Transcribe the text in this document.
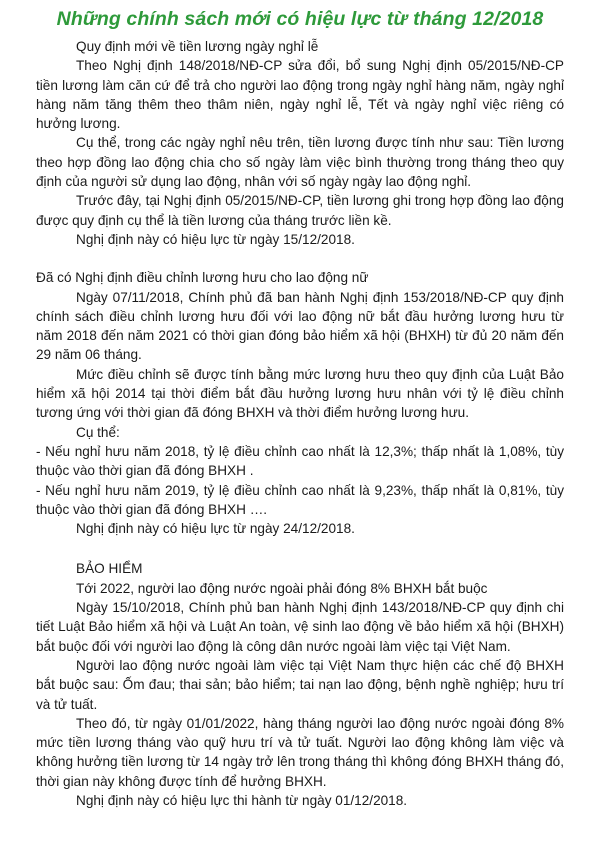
Những chính sách mới có hiệu lực từ tháng 12/2018

Quy định mới về tiền lương ngày nghỉ lễ

Theo Nghị định 148/2018/NĐ-CP sửa đổi, bổ sung Nghị định 05/2015/NĐ-CP tiền lương làm căn cứ để trả cho người lao động trong ngày nghỉ hàng năm, ngày nghỉ hàng năm tăng thêm theo thâm niên, ngày nghỉ lễ, Tết và ngày nghỉ việc riêng có hưởng lương.

Cụ thể, trong các ngày nghỉ nêu trên, tiền lương được tính như sau: Tiền lương theo hợp đồng lao động chia cho số ngày làm việc bình thường trong tháng theo quy định của người sử dụng lao động, nhân với số ngày ngày lao động nghỉ.

Trước đây, tại Nghị định 05/2015/NĐ-CP, tiền lương ghi trong hợp đồng lao động được quy định cụ thể là tiền lương của tháng trước liền kề.

Nghị định này có hiệu lực từ ngày 15/12/2018.

Đã có Nghị định điều chỉnh lương hưu cho lao động nữ

Ngày 07/11/2018, Chính phủ đã ban hành Nghị định 153/2018/NĐ-CP quy định chính sách điều chỉnh lương hưu đối với lao động nữ bắt đầu hưởng lương hưu từ năm 2018 đến năm 2021 có thời gian đóng bảo hiểm xã hội (BHXH) từ đủ 20 năm đến 29 năm 06 tháng.

Mức điều chỉnh sẽ được tính bằng mức lương hưu theo quy định của Luật Bảo hiểm xã hội 2014 tại thời điểm bắt đầu hưởng lương hưu nhân với tỷ lệ điều chỉnh tương ứng với thời gian đã đóng BHXH và thời điểm hưởng lương hưu.

Cụ thể:

- Nếu nghỉ hưu năm 2018, tỷ lệ điều chỉnh cao nhất là 12,3%; thấp nhất là 1,08%, tùy thuộc vào thời gian đã đóng BHXH .

- Nếu nghỉ hưu năm 2019, tỷ lệ điều chỉnh cao nhất là 9,23%, thấp nhất là 0,81%, tùy thuộc vào thời gian đã đóng BHXH ….

Nghị định này có hiệu lực từ ngày 24/12/2018.

BẢO HIỂM

Tới 2022, người lao động nước ngoài phải đóng 8% BHXH bắt buộc

Ngày 15/10/2018, Chính phủ ban hành Nghị định 143/2018/NĐ-CP quy định chi tiết Luật Bảo hiểm xã hội và Luật An toàn, vệ sinh lao động về bảo hiểm xã hội (BHXH) bắt buộc đối với người lao động là công dân nước ngoài làm việc tại Việt Nam.

Người lao động nước ngoài làm việc tại Việt Nam thực hiện các chế độ BHXH bắt buộc sau: Ốm đau; thai sản; bảo hiểm; tai nạn lao động, bệnh nghề nghiệp; hưu trí và tử tuất.

Theo đó, từ ngày 01/01/2022, hàng tháng người lao động nước ngoài đóng 8% mức tiền lương tháng vào quỹ hưu trí và tử tuất. Người lao động không làm việc và không hưởng tiền lương từ 14 ngày trở lên trong tháng thì không đóng BHXH tháng đó, thời gian này không được tính để hưởng BHXH.

Nghị định này có hiệu lực thi hành từ ngày 01/12/2018.
